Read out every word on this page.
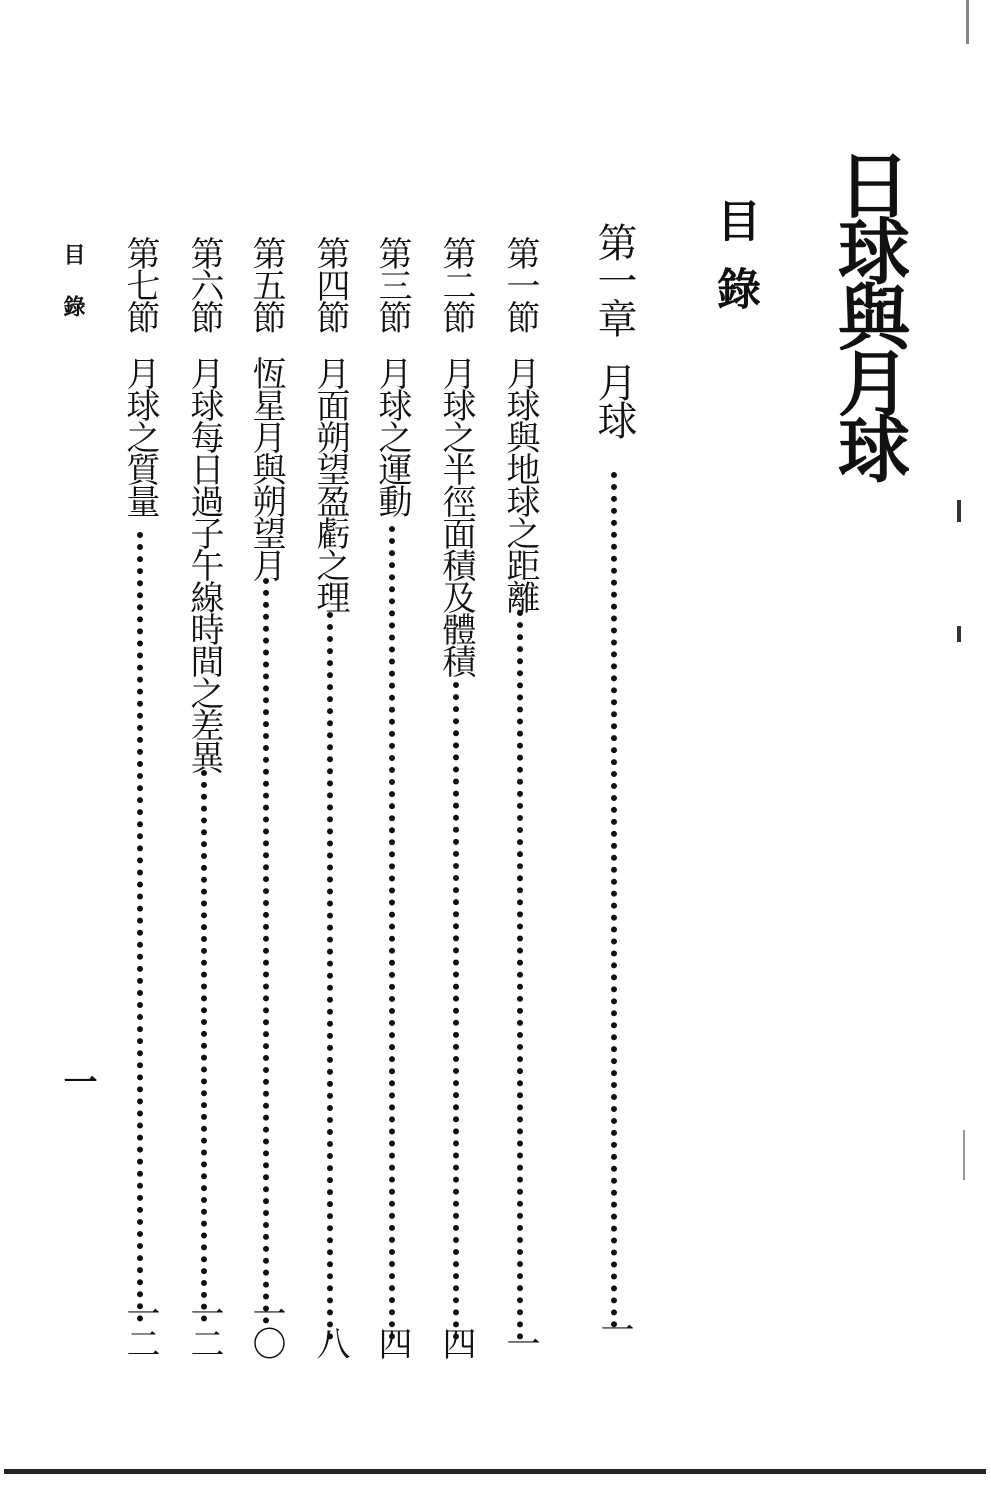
日球與月球
目錄
第一章月球
一
第一節月球與地球之距離
一
第二節月球之半徑面積及體積
四
第三節月球之運動
四
第四節月面朔望盈虧之理
八
第五節恆星月與朔望月
一〇
第六節月球每日過子午線時間之差異
一二
第七節月球之質量
一二
目錄
一
